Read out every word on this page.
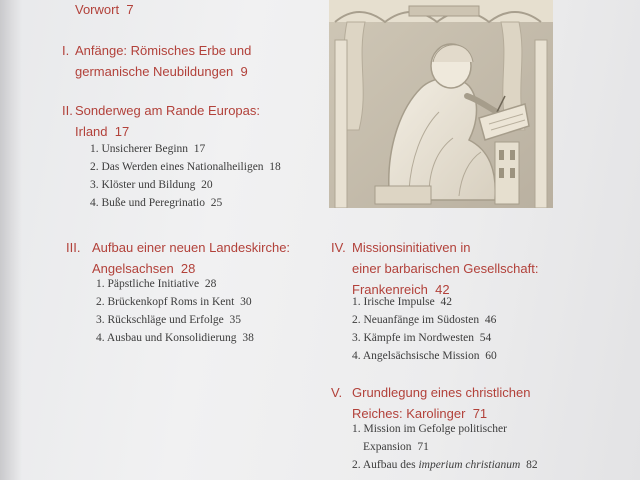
Vorwort 7
I. Anfänge: Römisches Erbe und
germanische Neubildungen 9
II. Sonderweg am Rande Europas:
Irland 17
1. Unsicherer Beginn 17
2. Das Werden eines Nationalheiligen 18
3. Klöster und Bildung 20
4. Buße und Peregrinatio 25
III. Aufbau einer neuen Landeskirche:
Angelsachsen 28
1. Päpstliche Initiative 28
2. Brückenkopf Roms in Kent 30
3. Rückschläge und Erfolge 35
4. Ausbau und Konsolidierung 38
IV. Missionsinitiativen in
einer barbarischen Gesellschaft:
Frankenreich 42
1. Irische Impulse 42
2. Neuanfänge im Südosten 46
3. Kämpfe im Nordwesten 54
4. Angelsächsische Mission 60
V. Grundlegung eines christlichen
Reiches: Karolinger 71
1. Mission im Gefolge politischer
Expansion 71
2. Aufbau des imperium christianum 82
